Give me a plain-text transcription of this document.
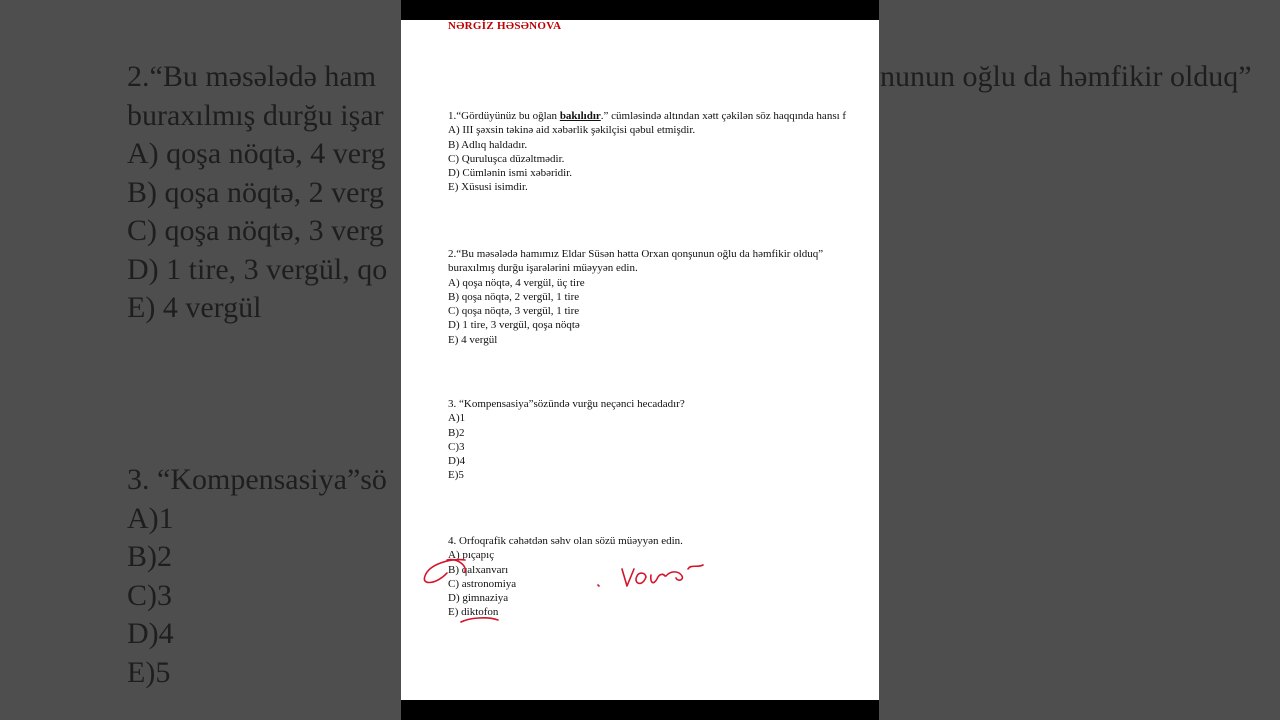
2.“Bu məsələdə ham
buraxılmış durğu işar
A) qoşa nöqtə, 4 verg
B) qoşa nöqtə, 2 verg
C) qoşa nöqtə, 3 verg
D) 1 tire, 3 vergül, qo
E) 4 vergül
nunun oğlu da həmfikir olduq”
3. “Kompensasiya”sö
A)1
B)2
C)3
D)4
E)5
NƏRGİZ HƏSƏNOVA
1.“Gördüyünüz bu oğlan bakılıdır.” cümləsində altından xətt çəkilən söz haqqında hansı f
A) III şəxsin təkinə aid xəbərlik şəkilçisi qəbul etmişdir.
B) Adlıq haldadır.
C) Quruluşca düzəltmədir.
D) Cümlənin ismi xəbəridir.
E) Xüsusi isimdir.
2.“Bu məsələdə hamımız Eldar Süsən hətta Orxan qonşunun oğlu da həmfikir olduq”
buraxılmış durğu işarələrini müəyyən edin.
A) qoşa nöqtə, 4 vergül, üç tire
B) qoşa nöqtə, 2 vergül, 1 tire
C) qoşa nöqtə, 3 vergül, 1 tire
D) 1 tire, 3 vergül, qoşa nöqtə
E) 4 vergül
3. “Kompensasiya”sözündə vurğu neçənci hecadadır?
A)1
B)2
C)3
D)4
E)5
4. Orfoqrafik cəhətdən səhv olan sözü müəyyən edin.
A) pıçapıç
B) qalxanvarı
C) astronomiya
D) gimnaziya
E) diktofon
